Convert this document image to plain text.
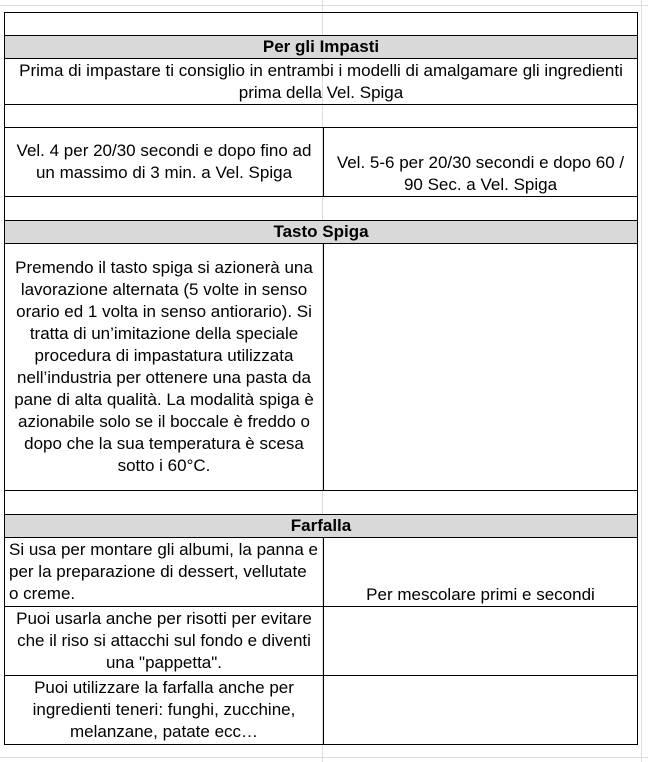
Per gli Impasti
Prima di impastare ti consiglio in entrambi i modelli di amalgamare gli ingredienti prima della Vel. Spiga
Vel. 4 per 20/30 secondi e dopo fino ad un massimo di 3 min. a Vel. Spiga
Vel. 5-6 per 20/30 secondi e dopo 60 / 90 Sec. a Vel. Spiga
Tasto Spiga
Premendo il tasto spiga si azionerà una lavorazione alternata (5 volte in senso orario ed 1 volta in senso antiorario). Si tratta di un’imitazione della speciale procedura di impastatura utilizzata nell’industria per ottenere una pasta da pane di alta qualità. La modalità spiga è azionabile solo se il boccale è freddo o dopo che la sua temperatura è scesa sotto i 60°C.
Farfalla
Si usa per montare gli albumi, la panna e per la preparazione di dessert, vellutate o creme.	Per mescolare primi e secondi
Puoi usarla anche per risotti per evitare che il riso si attacchi sul fondo e diventi una "pappetta".
Puoi utilizzare la farfalla anche per ingredienti teneri: funghi, zucchine, melanzane, patate ecc…
